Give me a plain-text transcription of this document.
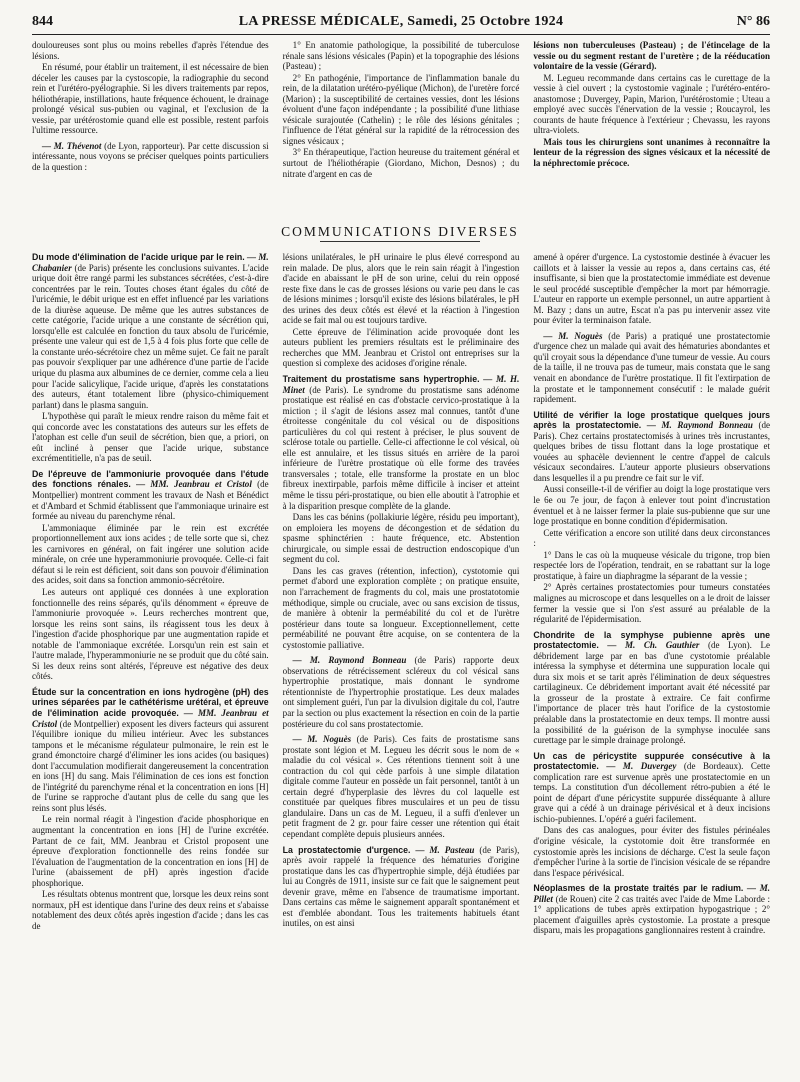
844	LA PRESSE MÉDICALE, Samedi, 25 Octobre 1924	N° 86

douloureuses sont plus ou moins rebelles d'après l'étendue des lésions.

En résumé, pour établir un traitement, il est nécessaire de bien déceler les causes par la cystoscopie, la radiographie du second rein et l'urétéro-pyélographie. Si les divers traitements par repos, héliothérapie, instillations, haute fréquence échouent, le drainage prolongé vésical sus-pubien ou vaginal, et l'exclusion de la vessie, par urétérostomie quand elle est possible, restent parfois l'ultime ressource.

— M. Thévenot (de Lyon, rapporteur). Par cette discussion si intéressante, nous voyons se préciser quelques points particuliers de la question :

1° En anatomie pathologique, la possibilité de tuberculose rénale sans lésions vésicales (Papin) et la topographie des lésions (Pasteau) ;

2° En pathogénie, l'importance de l'inflammation banale du rein, de la dilatation urétéro-pyélique (Michon), de l'uretère forcé (Marion) ; la susceptibilité de certaines vessies, dont les lésions évoluent d'une façon indépendante ; la possibilité d'une lithiase vésicale surajoutée (Cathelin) ; le rôle des lésions génitales ; l'influence de l'état général sur la rapidité de la rétrocession des signes vésicaux ;

3° En thérapeutique, l'action heureuse du traitement général et surtout de l'héliothérapie (Giordano, Michon, Desnos) ; du nitrate d'argent en cas de

lésions non tuberculeuses (Pasteau) ; de l'étincelage de la vessie ou du segment restant de l'uretère ; de la rééducation volontaire de la vessie (Gérard).

M. Legueu recommande dans certains cas le curettage de la vessie à ciel ouvert ; la cystostomie vaginale ; l'urétéro-entéro-anastomose ; Duvergey, Papin, Marion, l'urétérostomie ; Uteau a employé avec succès l'énervation de la vessie ; Roucayrol, les courants de haute fréquence à l'extérieur ; Chevassu, les rayons ultra-violets.

Mais tous les chirurgiens sont unanimes à reconnaître la lenteur de la régression des signes vésicaux et la nécessité de la néphrectomie précoce.

COMMUNICATIONS DIVERSES

Du mode d'élimination de l'acide urique par le rein. — M. Chabanier (de Paris) présente les conclusions suivantes. L'acide urique doit être rangé parmi les substances sécrétées, c'est-à-dire concentrées par le rein. Toutes choses étant égales du côté de l'uricémie, le débit urique est en effet influencé par les variations de la diurèse aqueuse. De même que les autres substances de cette catégorie, l'acide urique a une constante de sécrétion qui, lorsqu'elle est calculée en fonction du taux absolu de l'uricémie, présente une valeur qui est de 1,5 à 4 fois plus forte que celle de la constante uréo-sécrétoire chez un même sujet. Ce fait ne paraît pas pouvoir s'expliquer par une adhérence d'une partie de l'acide urique du plasma aux albumines de ce dernier, comme cela a lieu pour l'acide salicylique, l'acide urique, d'après les constatations des auteurs, étant totalement libre (physico-chimiquement parlant) dans le plasma sanguin.

L'hypothèse qui paraît le mieux rendre raison du même fait et qui concorde avec les constatations des auteurs sur les effets de l'atophan est celle d'un seuil de sécrétion, bien que, a priori, on eût incliné à penser que l'acide urique, substance excrémentitielle, n'a pas de seuil.

De l'épreuve de l'ammoniurie provoquée dans l'étude des fonctions rénales. — MM. Jeanbrau et Cristol (de Montpellier) montrent comment les travaux de Nash et Bénédict et d'Ambard et Schmid établissent que l'ammoniaque urinaire est formée au niveau du parenchyme rénal.

L'ammoniaque éliminée par le rein est excrétée proportionnellement aux ions acides ; de telle sorte que si, chez les carnivores en général, on fait ingérer une solution acide minérale, on crée une hyperammoniurie provoquée. Celle-ci fait défaut si le rein est déficient, soit dans son pouvoir d'élimination des acides, soit dans sa fonction ammonio-sécrétoire.

Les auteurs ont appliqué ces données à une exploration fonctionnelle des reins séparés, qu'ils dénomment « épreuve de l'ammoniurie provoquée ». Leurs recherches montrent que, lorsque les reins sont sains, ils réagissent tous les deux à l'ingestion d'acide phosphorique par une augmentation rapide et notable de l'ammoniaque excrétée. Lorsqu'un rein est sain et l'autre malade, l'hyperammoniurie ne se produit que du côté sain. Si les deux reins sont altérés, l'épreuve est négative des deux côtés.

Étude sur la concentration en ions hydrogène (pH) des urines séparées par le cathétérisme urétéral, et épreuve de l'élimination acide provoquée. — MM. Jeanbrau et Cristol (de Montpellier) exposent les divers facteurs qui assurent l'équilibre ionique du milieu intérieur. Avec les substances tampons et le mécanisme régulateur pulmonaire, le rein est le grand émonctoire chargé d'éliminer les ions acides (ou basiques) dont l'accumulation modifierait dangereusement la concentration en ions [H] du sang. Mais l'élimination de ces ions est fonction de l'intégrité du parenchyme rénal et la concentration en ions [H] de l'urine se rapproche d'autant plus de celle du sang que les reins sont plus lésés.

Le rein normal réagit à l'ingestion d'acide phosphorique en augmentant la concentration en ions [H] de l'urine excrétée. Partant de ce fait, MM. Jeanbrau et Cristol proposent une épreuve d'exploration fonctionnelle des reins fondée sur l'évaluation de l'augmentation de la concentration en ions [H] de l'urine (abaissement de pH) après ingestion d'acide phosphorique.

Les résultats obtenus montrent que, lorsque les deux reins sont normaux, pH est identique dans l'urine des deux reins et s'abaisse notablement des deux côtés après ingestion d'acide ; dans les cas de

lésions unilatérales, le pH urinaire le plus élevé correspond au rein malade. De plus, alors que le rein sain réagit à l'ingestion d'acide en abaissant le pH de son urine, celui du rein opposé reste fixe dans le cas de grosses lésions ou varie peu dans le cas de lésions minimes ; lorsqu'il existe des lésions bilatérales, le pH des urines des deux côtés est élevé et la réaction à l'ingestion acide se fait mal ou est toujours tardive.

Cette épreuve de l'élimination acide provoquée dont les auteurs publient les premiers résultats est le préliminaire des recherches que MM. Jeanbrau et Cristol ont entreprises sur la question si complexe des acidoses d'origine rénale.

Traitement du prostatisme sans hypertrophie. — M. H. Minet (de Paris). Le syndrome du prostatisme sans adénome prostatique est réalisé en cas d'obstacle cervico-prostatique à la miction ; il s'agit de lésions assez mal connues, tantôt d'une étroitesse congénitale du col vésical ou de dispositions particulières du col qui restent à préciser, le plus souvent de sclérose totale ou partielle. Celle-ci affectionne le col vésical, où elle est annulaire, et les tissus situés en arrière de la paroi inférieure de l'urètre prostatique où elle forme des travées transversales ; totale, elle transforme la prostate en un bloc fibreux inextirpable, parfois même difficile à inciser et atteint même le tissu péri-prostatique, ou bien elle aboutit à l'atrophie et à la disparition presque complète de la glande.

Dans les cas bénins (pollakiurie légère, résidu peu important), on emploiera les moyens de décongestion et de sédation du spasme sphinctérien : haute fréquence, etc. Abstention chirurgicale, ou simple essai de destruction endoscopique d'un segment du col.

Dans les cas graves (rétention, infection), cystotomie qui permet d'abord une exploration complète ; on pratique ensuite, non l'arrachement de fragments du col, mais une prostatotomie méthodique, simple ou cruciale, avec ou sans excision de tissus, de manière à obtenir la perméabilité du col et de l'urètre postérieur dans toute sa longueur. Exceptionnellement, cette perméabilité ne pouvant être acquise, on se contentera de la cystostomie palliative.

— M. Raymond Bonneau (de Paris) rapporte deux observations de rétrécissement scléreux du col vésical sans hypertrophie prostatique, mais donnant le syndrome rétentionniste de l'hypertrophie prostatique. Les deux malades ont simplement guéri, l'un par la divulsion digitale du col, l'autre par la section ou plus exactement la résection en coin de la partie postérieure du col sans prostatectomie.

— M. Noguès (de Paris). Ces faits de prostatisme sans prostate sont légion et M. Legueu les décrit sous le nom de « maladie du col vésical ». Ces rétentions tiennent soit à une contraction du col qui cède parfois à une simple dilatation digitale comme l'auteur en possède un fait personnel, tantôt à un certain degré d'hyperplasie des lèvres du col laquelle est constituée par quelques fibres musculaires et un peu de tissu glandulaire. Dans un cas de M. Legueu, il a suffi d'enlever un petit fragment de 2 gr. pour faire cesser une rétention qui était cependant complète depuis plusieurs années.

La prostatectomie d'urgence. — M. Pasteau (de Paris), après avoir rappelé la fréquence des hématuries d'origine prostatique dans les cas d'hypertrophie simple, déjà étudiées par lui au Congrès de 1911, insiste sur ce fait que le saignement peut devenir grave, même en l'absence de traumatisme important. Dans certains cas même le saignement apparaît spontanément et est d'emblée abondant. Tous les traitements habituels étant inutiles, on est ainsi

amené à opérer d'urgence. La cystostomie destinée à évacuer les caillots et à laisser la vessie au repos a, dans certains cas, été insuffisante, si bien que la prostatectomie immédiate est devenue le seul procédé susceptible d'empêcher la mort par hémorragie. L'auteur en rapporte un exemple personnel, un autre appartient à M. Bazy ; dans un autre, Escat n'a pas pu intervenir assez vite pour éviter la terminaison fatale.

— M. Noguès (de Paris) a pratiqué une prostatectomie d'urgence chez un malade qui avait des hématuries abondantes et qu'il croyait sous la dépendance d'une tumeur de vessie. Au cours de la taille, il ne trouva pas de tumeur, mais constata que le sang venait en abondance de l'urètre prostatique. Il fit l'extirpation de la prostate et le tamponnement consécutif : le malade guérit rapidement.

Utilité de vérifier la loge prostatique quelques jours après la prostatectomie. — M. Raymond Bonneau (de Paris). Chez certains prostatectomisés à urines très incrustantes, quelques bribes de tissu flottant dans la loge prostatique et vouées au sphacèle deviennent le centre d'appel de calculs vésicaux secondaires. L'auteur apporte plusieurs observations dans lesquelles il a pu prendre ce fait sur le vif.

Aussi conseille-t-il de vérifier au doigt la loge prostatique vers le 6e ou 7e jour, de façon à enlever tout point d'incrustation éventuel et à ne laisser fermer la plaie sus-pubienne que sur une loge prostatique en bonne condition d'épidermisation.

Cette vérification a encore son utilité dans deux circonstances :

1° Dans le cas où la muqueuse vésicale du trigone, trop bien respectée lors de l'opération, tendrait, en se rabattant sur la loge prostatique, à faire un diaphragme la séparant de la vessie ;

2° Après certaines prostatectomies pour tumeurs constatées malignes au microscope et dans lesquelles on a le droit de laisser fermer la vessie que si l'on s'est assuré au préalable de la régularité de l'épidermisation.

Chondrite de la symphyse pubienne après une prostatectomie. — M. Ch. Gauthier (de Lyon). Le débridement large par en bas d'une cystotomie préalable intéressa la symphyse et détermina une suppuration locale qui dura six mois et se tarit après l'élimination de deux séquestres cartilagineux. Ce débridement important avait été nécessité par la grosseur de la prostate à extraire. Ce fait confirme l'importance de placer très haut l'orifice de la cystostomie préalable dans la prostatectomie en deux temps. Il montre aussi la possibilité de la guérison de la symphyse inoculée sans curettage par le simple drainage prolongé.

Un cas de péricystite suppurée consécutive à la prostatectomie. — M. Duvergey (de Bordeaux). Cette complication rare est survenue après une prostatectomie en un temps. La constitution d'un décollement rétro-pubien a été le point de départ d'une péricystite suppurée disséquante à allure grave qui a cédé à un drainage périvésical et à deux incisions ischio-pubiennes. L'opéré a guéri facilement.

Dans des cas analogues, pour éviter des fistules périnéales d'origine vésicale, la cystotomie doit être transformée en cystostomie après les incisions de décharge. C'est la seule façon d'empêcher l'urine à la sortie de l'incision vésicale de se répandre dans l'espace périvésical.

Néoplasmes de la prostate traités par le radium. — M. Pillet (de Rouen) cite 2 cas traités avec l'aide de Mme Laborde : 1° applications de tubes après extirpation hypogastrique ; 2° placement d'aiguilles après cystostomie. La prostate a presque disparu, mais les propagations ganglionnaires restent à craindre.
